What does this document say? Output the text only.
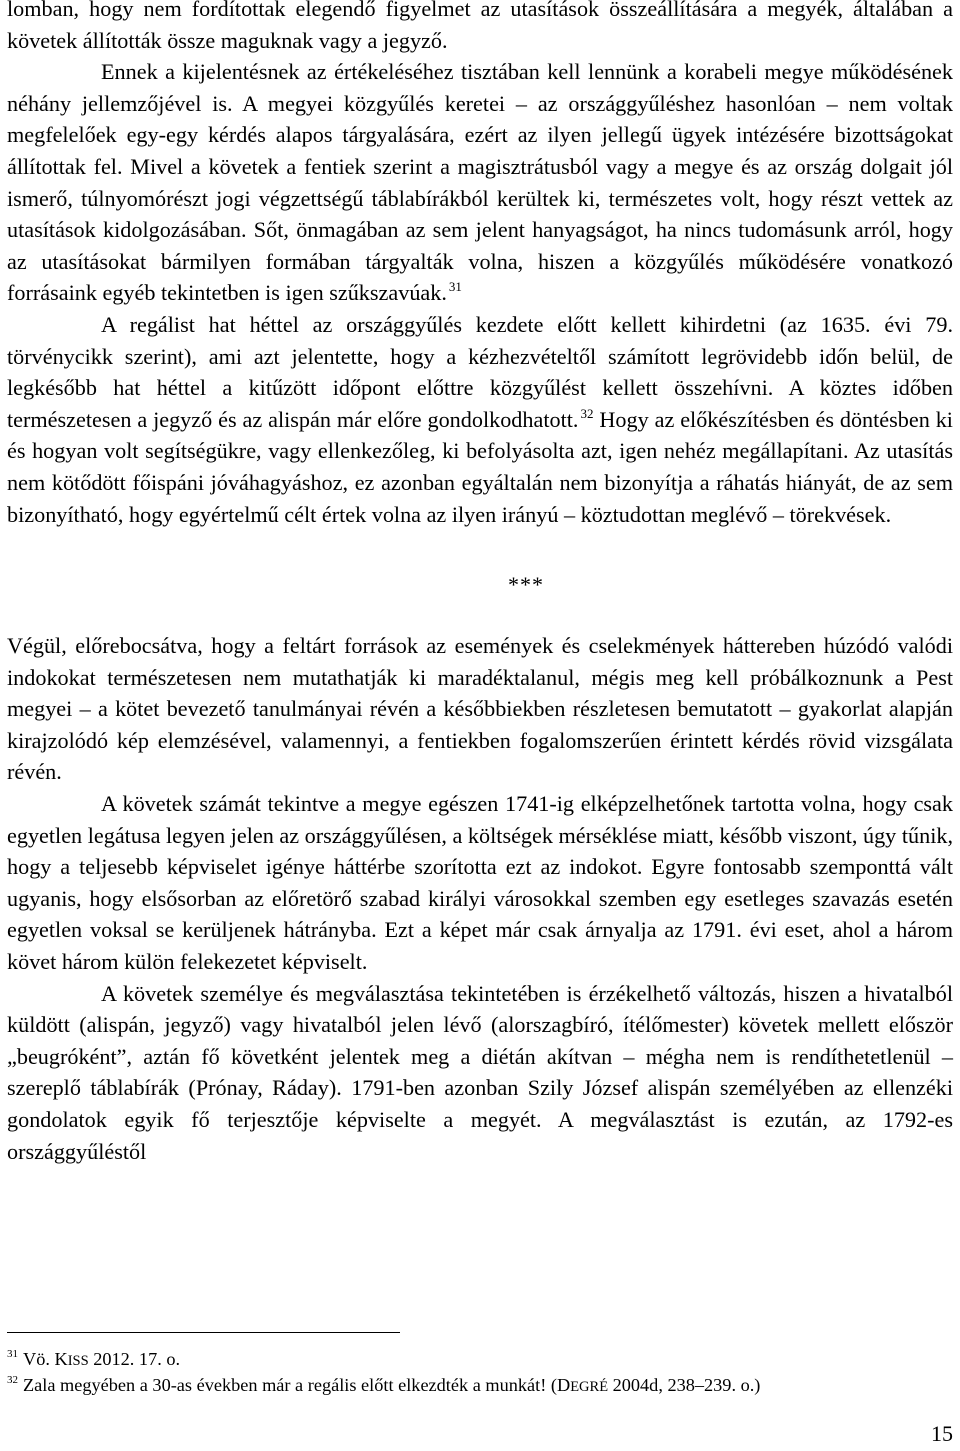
lomban, hogy nem fordítottak elegendő figyelmet az utasítások összeállítására a megyék, általában a követek állították össze maguknak vagy a jegyző.

Ennek a kijelentésnek az értékeléséhez tisztában kell lennünk a korabeli megye működésének néhány jellemzőjével is. A megyei közgyűlés keretei – az országgyűléshez hasonlóan – nem voltak megfelelőek egy-egy kérdés alapos tárgyalására, ezért az ilyen jellegű ügyek intézésére bizottságokat állítottak fel. Mivel a követek a fentiek szerint a magisztrátusból vagy a megye és az ország dolgait jól ismerő, túlnyomórészt jogi végzettségű táblabírákból kerültek ki, természetes volt, hogy részt vettek az utasítások kidolgozásában. Sőt, önmagában az sem jelent hanyagságot, ha nincs tudomásunk arról, hogy az utasításokat bármilyen formában tárgyalták volna, hiszen a közgyűlés működésére vonatkozó forrásaink egyéb tekintetben is igen szűkszavúak. $^{31}$

A regálist hat héttel az országgyűlés kezdete előtt kellett kihirdetni (az 1635. évi 79. törvénycikk szerint), ami azt jelentette, hogy a kézhezvételtől számított legrövidebb időn belül, de legkésőbb hat héttel a kitűzött időpont előttre közgyűlést kellett összehívni. A köztes időben természetesen a jegyző és az alispán már előre gondolkodhatott. $^{32}$ Hogy az előkészítésben és döntésben ki és hogyan volt segítségükre, vagy ellenkezőleg, ki befolyásolta azt, igen nehéz megállapítani. Az utasítás nem kötődött főispáni jóváhagyáshoz, ez azonban egyáltalán nem bizonyítja a ráhatás hiányát, de az sem bizonyítható, hogy egyértelmű célt értek volna az ilyen irányú – köztudottan meglévő – törekvések.

***

Végül, előrebocsátva, hogy a feltárt források az események és cselekmények háttereben húzódó valódi indokokat természetesen nem mutathatják ki maradéktalanul, mégis meg kell próbálkoznunk a Pest megyei – a kötet bevezető tanulmányai révén a későbbiekben részletesen bemutatott – gyakorlat alapján kirajzolódó kép elemzésével, valamennyi, a fentiekben fogalomszerűen érintett kérdés rövid vizsgálata révén.

A követek számát tekintve a megye egészen 1741-ig elképzelhetőnek tartotta volna, hogy csak egyetlen legátusa legyen jelen az országgyűlésen, a költségek mérséklése miatt, később viszont, úgy tűnik, hogy a teljesebb képviselet igénye háttérbe szorította ezt az indokot. Egyre fontosabb szemponttá vált ugyanis, hogy elsősorban az előretörő szabad királyi városokkal szemben egy esetleges szavazás esetén egyetlen voksal se kerüljenek hátrányba. Ezt a képet már csak árnyalja az 1791. évi eset, ahol a három követ három külön felekezetet képviselt.

A követek személye és megválasztása tekintetében is érzékelhető változás, hiszen a hivatalból küldött (alispán, jegyző) vagy hivatalból jelen lévő (alorszagbíró, ítélőmester) követek mellett először „beugróként”, aztán fő követként jelentek meg a diétán akítvan – mégha nem is rendíthetetlenül – szereplő táblabírák (Prónay, Ráday). 1791-ben azonban Szily József alispán személyében az ellenzéki gondolatok egyik fő terjesztője képviselte a megyét. A megválasztást is ezután, az 1792-es országgyűléstől

$^{31}$ Vö. KISS 2012. 17. o.

$^{32}$ Zala megyében a 30-as években már a regális előtt elkezdték a munkát! (DEGRÉ 2004d, 238–239. o.)

15
